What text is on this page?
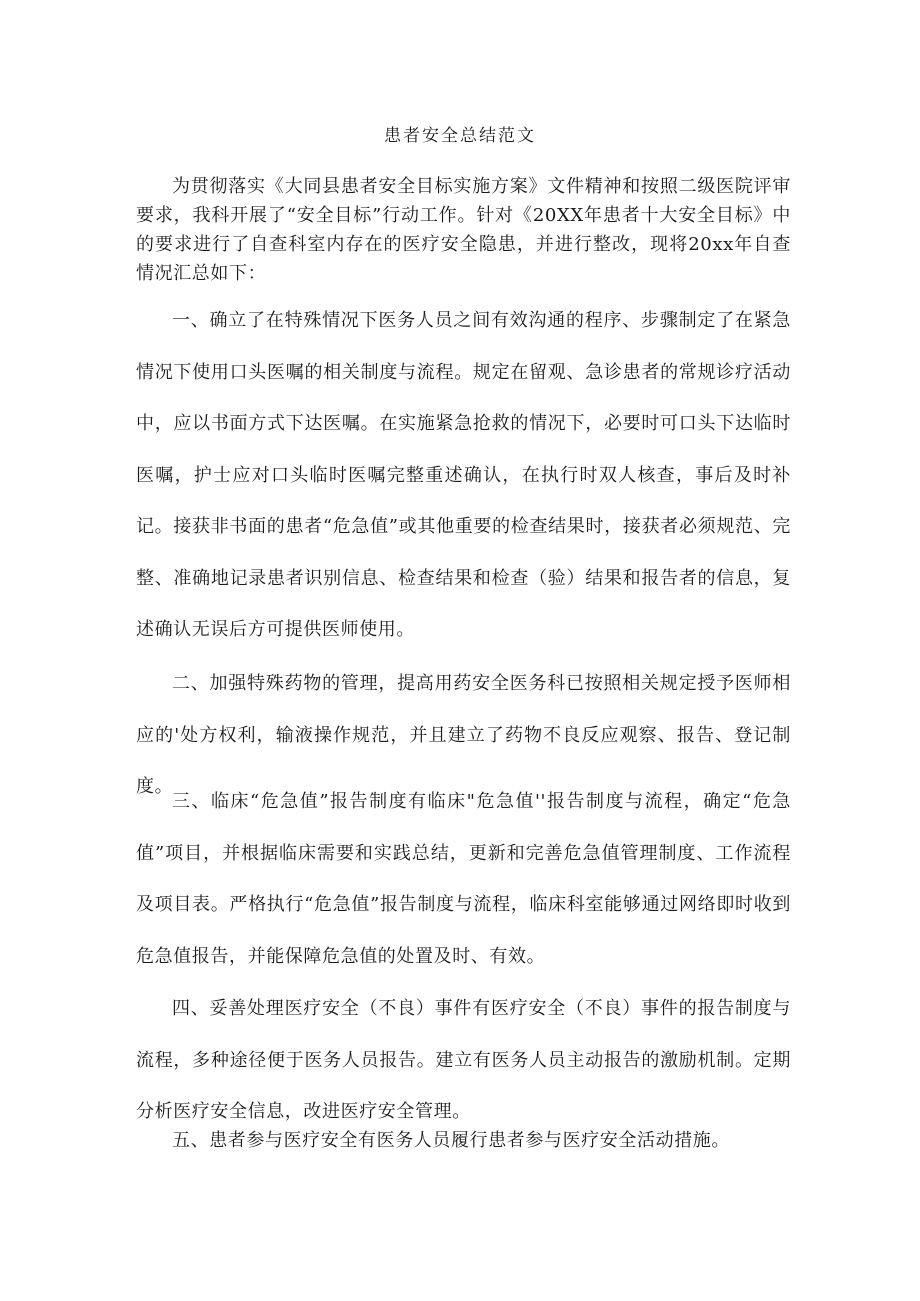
患者安全总结范文

为贯彻落实《大同县患者安全目标实施方案》文件精神和按照二级医院评审要求，我科开展了“安全目标”行动工作。针对《20XX年患者十大安全目标》中的要求进行了自查科室内存在的医疗安全隐患，并进行整改，现将20xx年自查情况汇总如下：

一、确立了在特殊情况下医务人员之间有效沟通的程序、步骤制定了在紧急情况下使用口头医嘱的相关制度与流程。规定在留观、急诊患者的常规诊疗活动中，应以书面方式下达医嘱。在实施紧急抢救的情况下，必要时可口头下达临时医嘱，护士应对口头临时医嘱完整重述确认，在执行时双人核查，事后及时补记。接获非书面的患者“危急值”或其他重要的检查结果时，接获者必须规范、完整、准确地记录患者识别信息、检查结果和检查（验）结果和报告者的信息，复述确认无误后方可提供医师使用。

二、加强特殊药物的管理，提高用药安全医务科已按照相关规定授予医师相应的'处方权利，输液操作规范，并且建立了药物不良反应观察、报告、登记制度。

三、临床“危急值”报告制度有临床"危急值''报告制度与流程，确定“危急值”项目，并根据临床需要和实践总结，更新和完善危急值管理制度、工作流程及项目表。严格执行“危急值”报告制度与流程，临床科室能够通过网络即时收到危急值报告，并能保障危急值的处置及时、有效。

四、妥善处理医疗安全（不良）事件有医疗安全（不良）事件的报告制度与流程，多种途径便于医务人员报告。建立有医务人员主动报告的激励机制。定期分析医疗安全信息，改进医疗安全管理。

五、患者参与医疗安全有医务人员履行患者参与医疗安全活动措施。
